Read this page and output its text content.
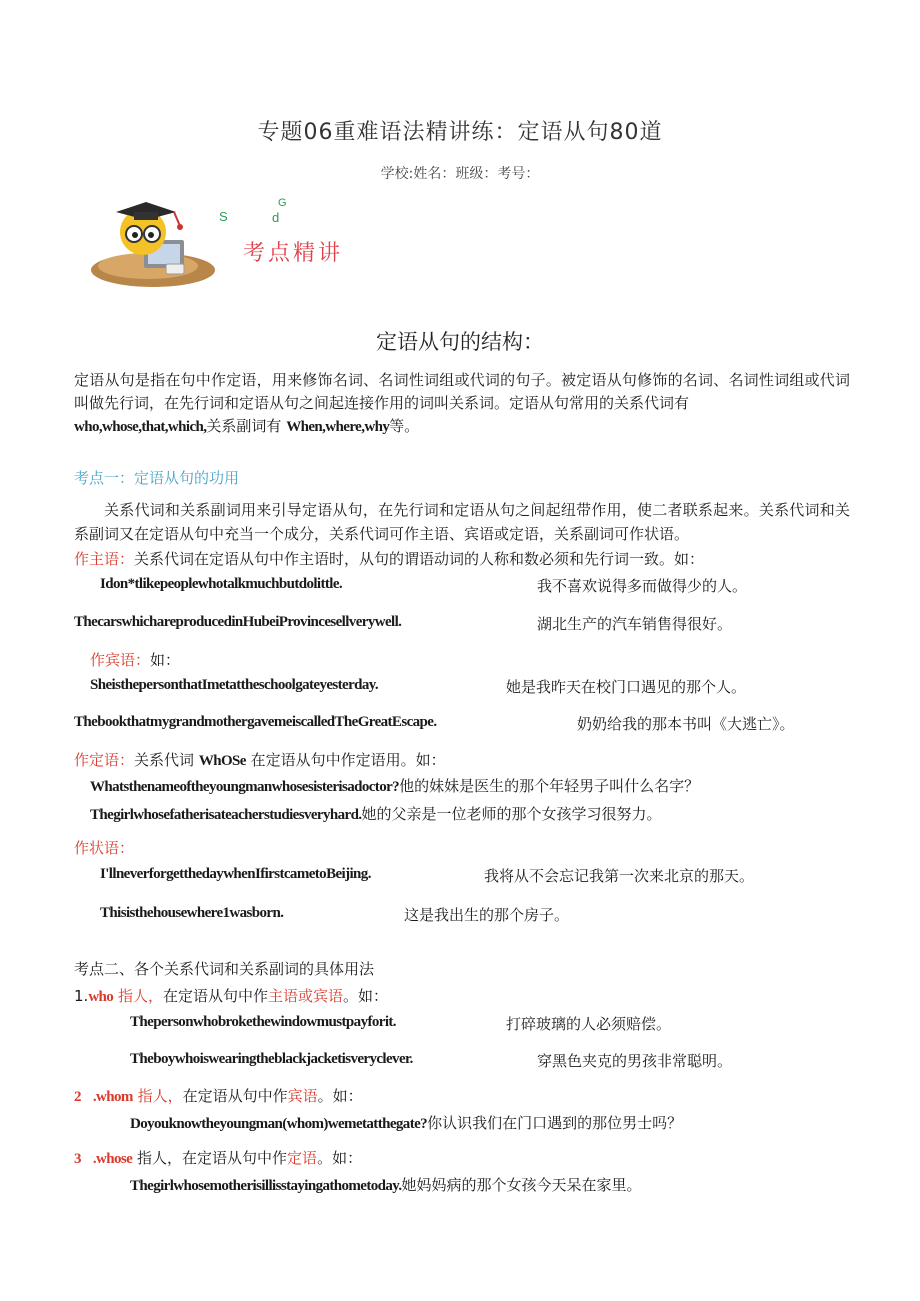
专题06重难语法精讲练：定语从句80道
学校:姓名：班级：考号：
S	d
G
考点精讲
定语从句的结构：
定语从句是指在句中作定语，用来修饰名词、名词性词组或代词的句子。被定语从句修饰的名词、名词性词组或代词叫做先行词，在先行词和定语从句之间起连接作用的词叫关系词。定语从句常用的关系代词有
who,whose,that,which,关系副词有 When,where,why等。
考点一：定语从句的功用
关系代词和关系副词用来引导定语从句，在先行词和定语从句之间起纽带作用，使二者联系起来。关系代词和关系副词又在定语从句中充当一个成分，关系代词可作主语、宾语或定语，关系副词可作状语。
作主语：关系代词在定语从句中作主语时，从句的谓语动词的人称和数必须和先行词一致。如：
Idon*tlikepeoplewhotalkmuchbutdolittle.	我不喜欢说得多而做得少的人。
ThecarswhichareproducedinHubeiProvincesellverywell.	湖北生产的汽车销售得很好。
作宾语：如：
SheisthepersonthatImetattheschoolgateyesterday.	她是我昨天在校门口遇见的那个人。
ThebookthatmygrandmothergavemeiscalledTheGreatEscape.	奶奶给我的那本书叫《大逃亡》。
作定语：关系代词 WhOSe 在定语从句中作定语用。如：
Whatsthenameoftheyoungmanwhosesisterisadoctor?他的妹妹是医生的那个年轻男子叫什么名字？
Thegirlwhosefatherisateacherstudiesveryhard.她的父亲是一位老师的那个女孩学习很努力。
作状语：
I'llneverforgetthedaywhenIfirstcametoBeijing.	我将从不会忘记我第一次来北京的那天。
Thisisthehousewhere1wasborn.	这是我出生的那个房子。
考点二、各个关系代词和关系副词的具体用法
1.who 指人，在定语从句中作主语或宾语。如：
Thepersonwhobrokethewindowmustpayforit.	打碎玻璃的人必须赔偿。
Theboywhoiswearingtheblackjacketisveryclever.	穿黑色夹克的男孩非常聪明。
2 .whom 指人，在定语从句中作宾语。如：
Doyouknowtheyoungman(whom)wemetatthegate?你认识我们在门口遇到的那位男士吗？
3 .whose 指人，在定语从句中作定语。如：
Thegirlwhosemotherisillisstayingathometoday.她妈妈病的那个女孩今天呆在家里。
